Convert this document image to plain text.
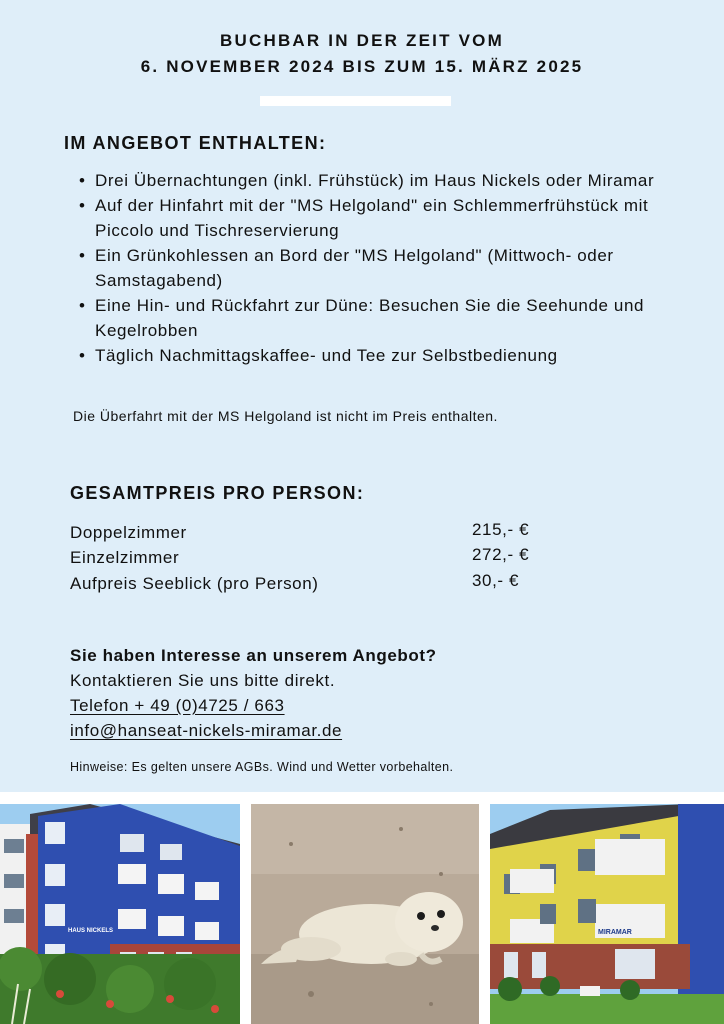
BUCHBAR IN DER ZEIT VOM
6. NOVEMBER 2024 BIS ZUM 15. MÄRZ 2025
IM ANGEBOT ENTHALTEN:
• Drei Übernachtungen (inkl. Frühstück) im Haus Nickels oder Miramar
• Auf der Hinfahrt mit der "MS Helgoland" ein Schlemmerfrühstück mit Piccolo und Tischreservierung
• Ein Grünkohlessen an Bord der "MS Helgoland" (Mittwoch- oder Samstagabend)
• Eine Hin- und Rückfahrt zur Düne: Besuchen Sie die Seehunde und Kegelrobben
• Täglich Nachmittagskaffee- und Tee zur Selbstbedienung
Die Überfahrt mit der MS Helgoland ist nicht im Preis enthalten.
GESAMTPREIS PRO PERSON:
Doppelzimmer	215,- €
Einzelzimmer	272,- €
Aufpreis Seeblick (pro Person)	30,- €
Sie haben Interesse an unserem Angebot?
Kontaktieren Sie uns bitte direkt.
Telefon + 49 (0)4725 / 663
info@hanseat-nickels-miramar.de
Hinweise: Es gelten unsere AGBs. Wind und Wetter vorbehalten.
HAUS NICKELS	MIRAMAR
